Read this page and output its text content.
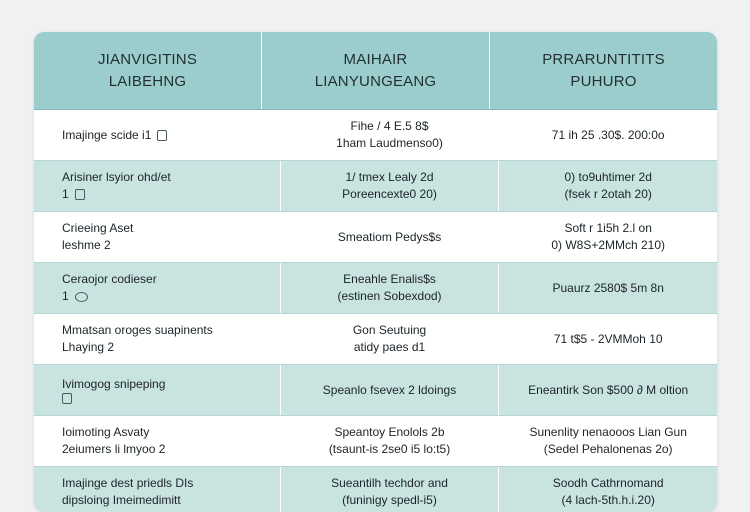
JIANVIGITINS
LAIBEHNG
MAIHAIR
LIANYUNGEANG
PRRARUNTITITS
PUHURO
Imajinge scide i1
Fihe / 4 E.5 8$
1ham Laudmenso0)
71 ih 25 .30$. 200:0o
Arisiner lsyior ohd/et
1
1/ tmex Lealy 2d
Poreencexte0 20)
0) to9uhtimer 2d
(fsek r 2otah 20)
Crieeing Aset
leshme 2
Smeatiom Pedys$s
Soft r 1i5h 2.l on
0) W8S+2MMch 210)
Ceraojor codieser
1
Eneahle Enalis$s
(estinen Sobexdod)
Puaurz 2580$ 5m 8n
Mmatsan oroges suapinents
Lhaying 2
Gon Seutuing
atidy paes d1
71 t$5 - 2VMMoh 10
Ivimogog snipeping	Speanlo fsevex 2 ldoings	Eneantirk Son $500 ∂ M oltion
Ioimoting Asvaty
2eiumers li lmyoo 2
Speantoy Enolols 2b
(tsaunt-is 2se0 i5 lo:t5)
Sunenlity nenaooos Lian Gun
(Sedel Pehalonenas 2o)
Imajinge dest priedls DIs
dipsloing Imeimedimitt
Sueantilh techdor and
(funinigy spedl-i5)
Soodh Cathrnomand
(4 lach-5th.h.i.20)
